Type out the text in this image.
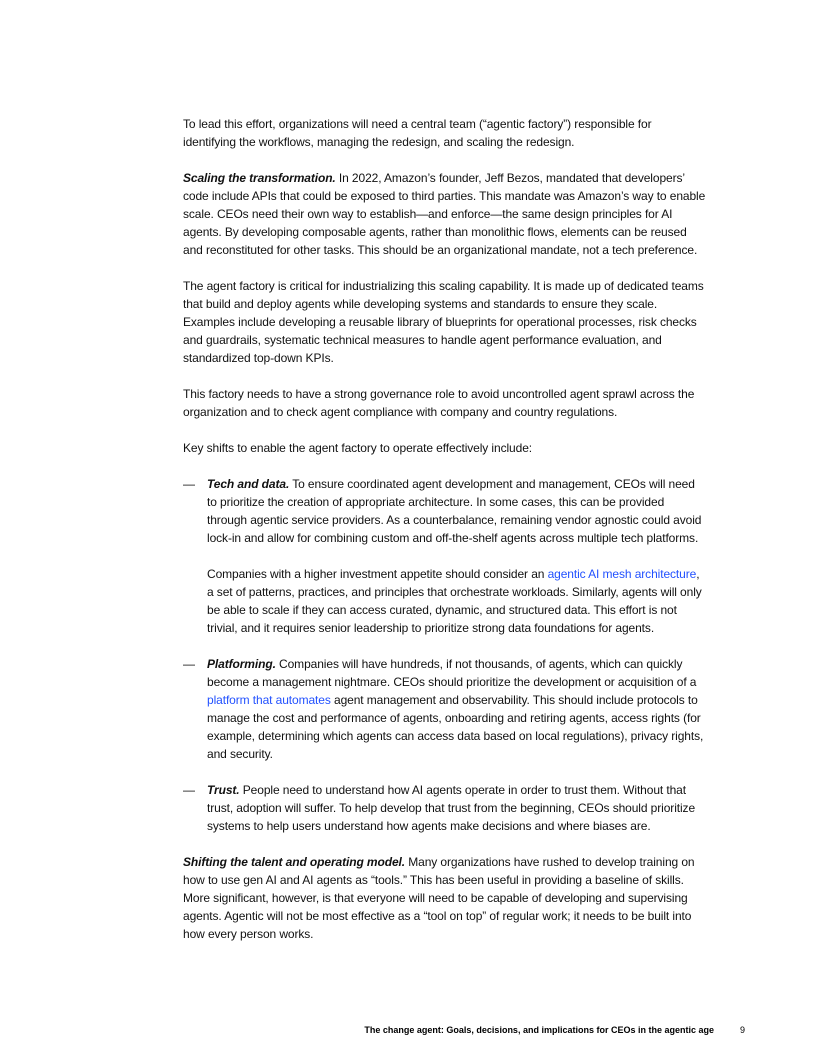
To lead this effort, organizations will need a central team (“agentic factory”) responsible for identifying the workflows, managing the redesign, and scaling the redesign.

Scaling the transformation. In 2022, Amazon’s founder, Jeff Bezos, mandated that developers’ code include APIs that could be exposed to third parties. This mandate was Amazon’s way to enable scale. CEOs need their own way to establish—and enforce—the same design principles for AI agents. By developing composable agents, rather than monolithic flows, elements can be reused and reconstituted for other tasks. This should be an organizational mandate, not a tech preference.

The agent factory is critical for industrializing this scaling capability. It is made up of dedicated teams that build and deploy agents while developing systems and standards to ensure they scale. Examples include developing a reusable library of blueprints for operational processes, risk checks and guardrails, systematic technical measures to handle agent performance evaluation, and standardized top-down KPIs.

This factory needs to have a strong governance role to avoid uncontrolled agent sprawl across the organization and to check agent compliance with company and country regulations.

Key shifts to enable the agent factory to operate effectively include:

— Tech and data. To ensure coordinated agent development and management, CEOs will need to prioritize the creation of appropriate architecture. In some cases, this can be provided through agentic service providers. As a counterbalance, remaining vendor agnostic could avoid lock-in and allow for combining custom and off-the-shelf agents across multiple tech platforms.

Companies with a higher investment appetite should consider an agentic AI mesh architecture, a set of patterns, practices, and principles that orchestrate workloads. Similarly, agents will only be able to scale if they can access curated, dynamic, and structured data. This effort is not trivial, and it requires senior leadership to prioritize strong data foundations for agents.

— Platforming. Companies will have hundreds, if not thousands, of agents, which can quickly become a management nightmare. CEOs should prioritize the development or acquisition of a platform that automates agent management and observability. This should include protocols to manage the cost and performance of agents, onboarding and retiring agents, access rights (for example, determining which agents can access data based on local regulations), privacy rights, and security.

— Trust. People need to understand how AI agents operate in order to trust them. Without that trust, adoption will suffer. To help develop that trust from the beginning, CEOs should prioritize systems to help users understand how agents make decisions and where biases are.

Shifting the talent and operating model. Many organizations have rushed to develop training on how to use gen AI and AI agents as “tools.” This has been useful in providing a baseline of skills. More significant, however, is that everyone will need to be capable of developing and supervising agents. Agentic will not be most effective as a “tool on top” of regular work; it needs to be built into how every person works.

The change agent: Goals, decisions, and implications for CEOs in the agentic age	9
